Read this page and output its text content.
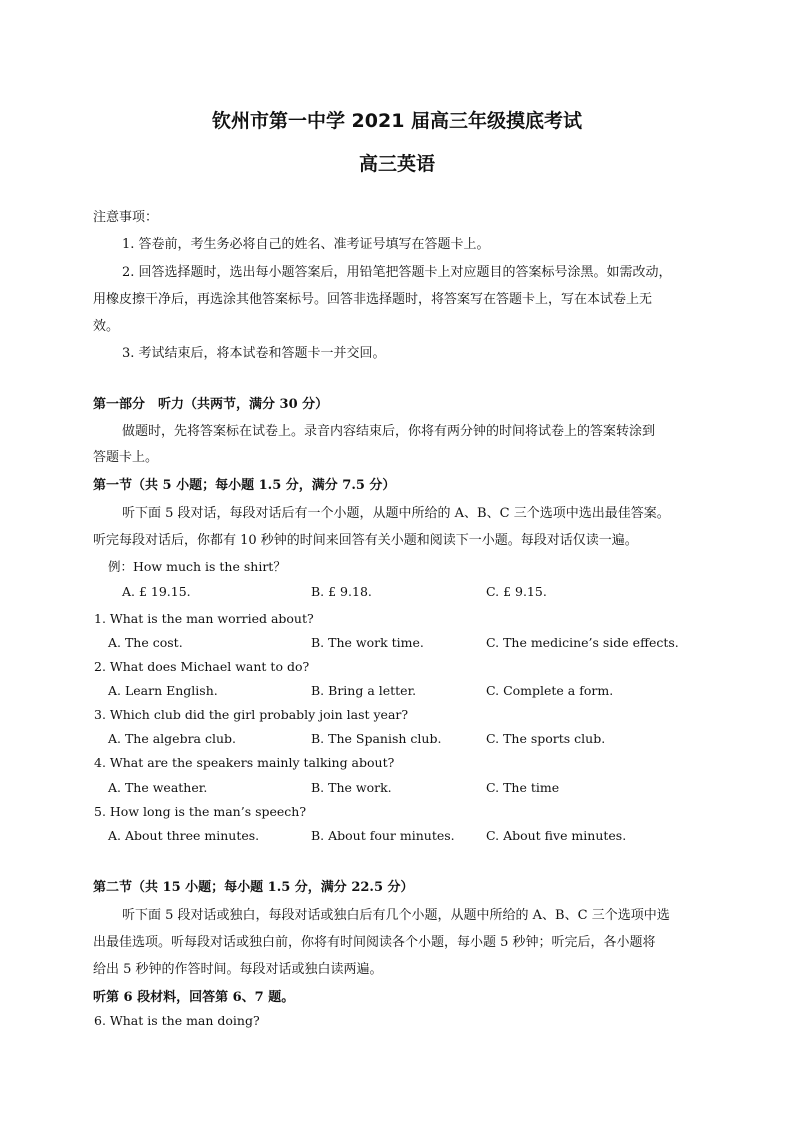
钦州市第一中学 2021 届高三年级摸底考试
高三英语
注意事项：
1. 答卷前，考生务必将自己的姓名、准考证号填写在答题卡上。
2. 回答选择题时，选出每小题答案后，用铅笔把答题卡上对应题目的答案标号涂黑。如需改动，
用橡皮擦干净后，再选涂其他答案标号。回答非选择题时，将答案写在答题卡上，写在本试卷上无
效。
3. 考试结束后，将本试卷和答题卡一并交回。
第一部分　听力（共两节，满分 30 分）
做题时，先将答案标在试卷上。录音内容结束后，你将有两分钟的时间将试卷上的答案转涂到
答题卡上。
第一节（共 5 小题；每小题 1.5 分，满分 7.5 分）
听下面 5 段对话，每段对话后有一个小题，从题中所给的 A、B、C 三个选项中选出最佳答案。
听完每段对话后，你都有 10 秒钟的时间来回答有关小题和阅读下一小题。每段对话仅读一遍。
例：How much is the shirt？
A. £ 19.15.	B. £ 9.18.	C. £ 9.15.
1. What is the man worried about?
A. The cost.	B. The work time.	C. The medicine’s side effects.
2. What does Michael want to do?
A. Learn English.	B. Bring a letter.	C. Complete a form.
3. Which club did the girl probably join last year?
A. The algebra club.	B. The Spanish club.	C. The sports club.
4. What are the speakers mainly talking about?
A. The weather.	B. The work.	C. The time
5. How long is the man’s speech?
A. About three minutes.	B. About four minutes.	C. About five minutes.
第二节（共 15 小题；每小题 1.5 分，满分 22.5 分）
听下面 5 段对话或独白，每段对话或独白后有几个小题，从题中所给的 A、B、C 三个选项中选
出最佳选项。听每段对话或独白前，你将有时间阅读各个小题，每小题 5 秒钟；听完后，各小题将
给出 5 秒钟的作答时间。每段对话或独白读两遍。
听第 6 段材料，回答第 6、7 题。
6. What is the man doing?
